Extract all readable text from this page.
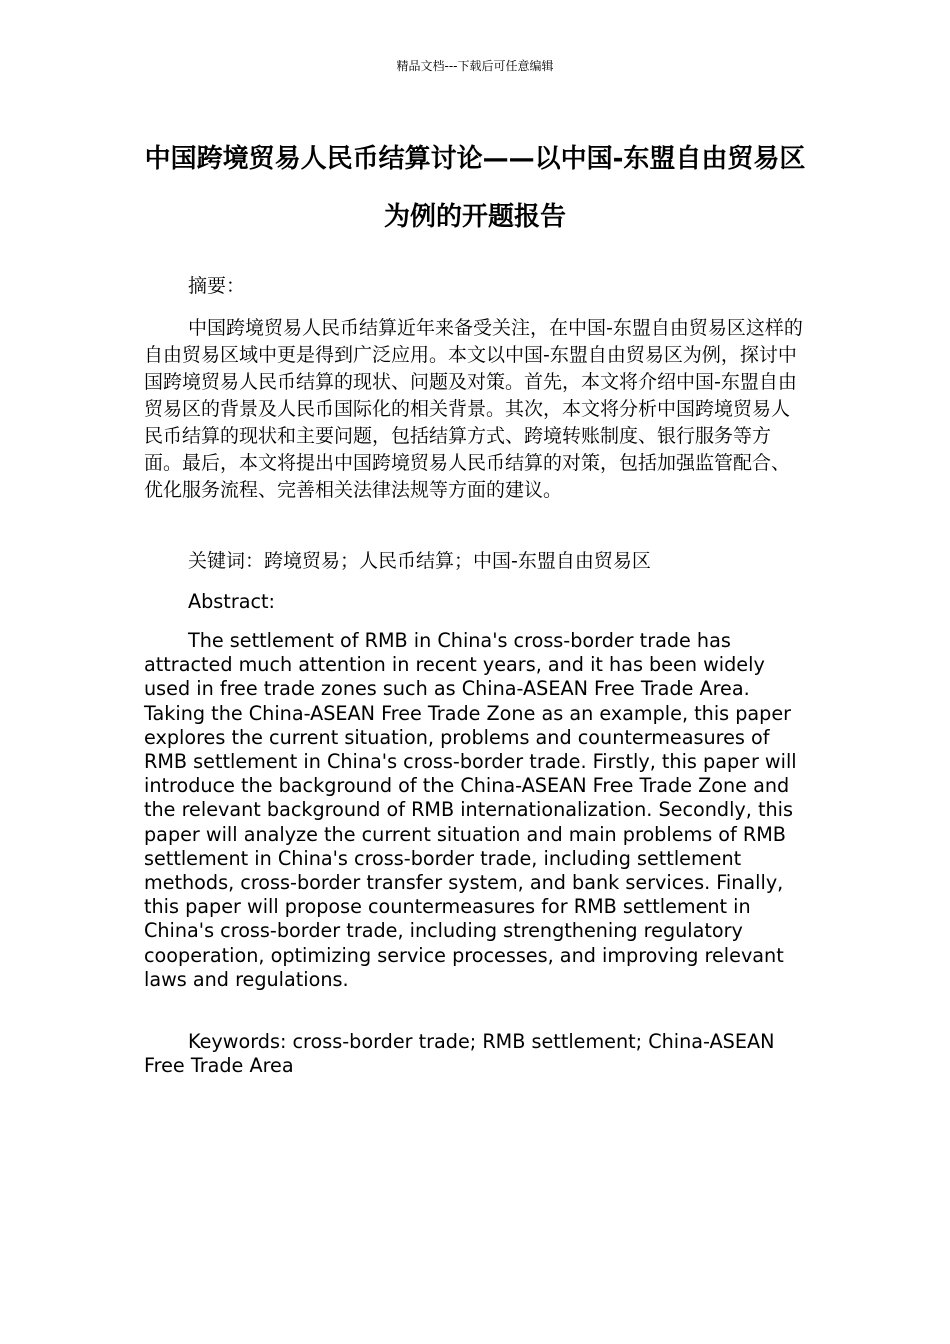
精品文档---下载后可任意编辑
中国跨境贸易人民币结算讨论——以中国-东盟自由贸易区为例的开题报告

摘要：

中国跨境贸易人民币结算近年来备受关注，在中国-东盟自由贸易区这样的自由贸易区域中更是得到广泛应用。本文以中国-东盟自由贸易区为例，探讨中国跨境贸易人民币结算的现状、问题及对策。首先，本文将介绍中国-东盟自由贸易区的背景及人民币国际化的相关背景。其次，本文将分析中国跨境贸易人民币结算的现状和主要问题，包括结算方式、跨境转账制度、银行服务等方面。最后，本文将提出中国跨境贸易人民币结算的对策，包括加强监管配合、优化服务流程、完善相关法律法规等方面的建议。

关键词：跨境贸易；人民币结算；中国-东盟自由贸易区

Abstract:

The settlement of RMB in China's cross-border trade has attracted much attention in recent years, and it has been widely used in free trade zones such as China-ASEAN Free Trade Area. Taking the China-ASEAN Free Trade Zone as an example, this paper explores the current situation, problems and countermeasures of RMB settlement in China's cross-border trade. Firstly, this paper will introduce the background of the China-ASEAN Free Trade Zone and the relevant background of RMB internationalization. Secondly, this paper will analyze the current situation and main problems of RMB settlement in China's cross-border trade, including settlement methods, cross-border transfer system, and bank services. Finally, this paper will propose countermeasures for RMB settlement in China's cross-border trade, including strengthening regulatory cooperation, optimizing service processes, and improving relevant laws and regulations.

Keywords: cross-border trade; RMB settlement; China-ASEAN Free Trade Area
